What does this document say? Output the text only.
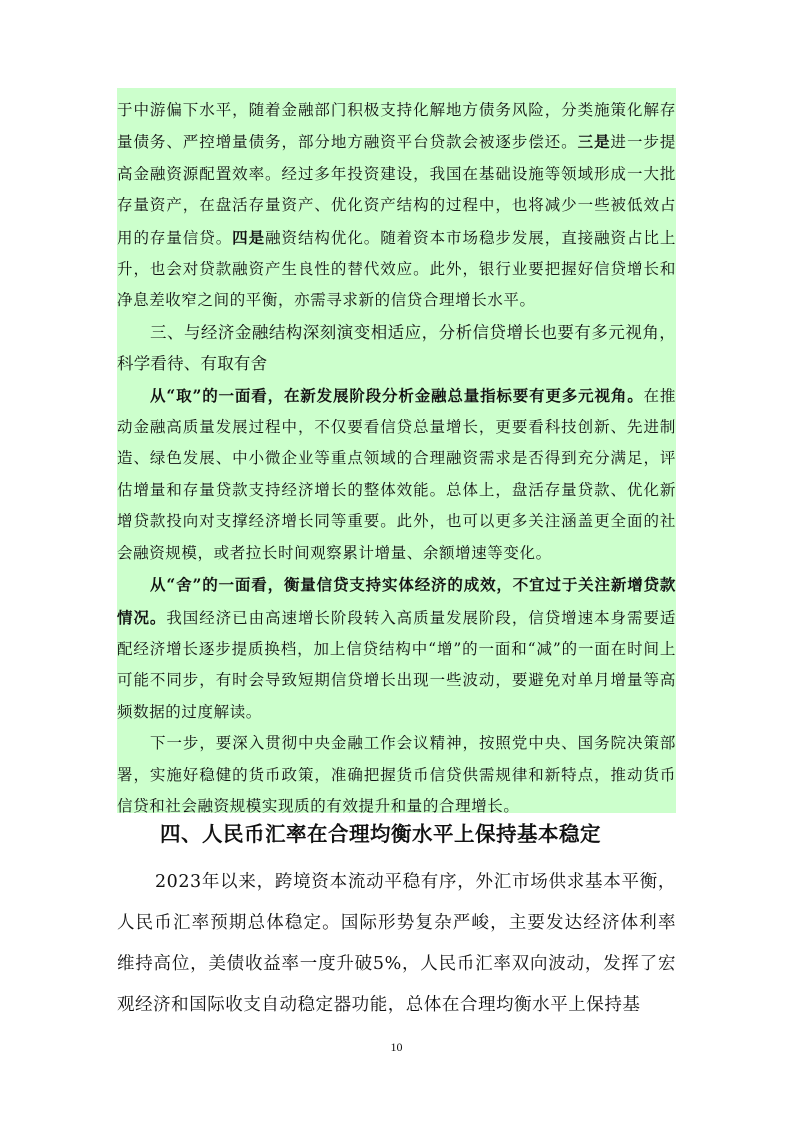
于中游偏下水平，随着金融部门积极支持化解地方债务风险，分类施策化解存量债务、严控增量债务，部分地方融资平台贷款会被逐步偿还。三是进一步提高金融资源配置效率。经过多年投资建设，我国在基础设施等领域形成一大批存量资产，在盘活存量资产、优化资产结构的过程中，也将减少一些被低效占用的存量信贷。四是融资结构优化。随着资本市场稳步发展，直接融资占比上升，也会对贷款融资产生良性的替代效应。此外，银行业要把握好信贷增长和净息差收窄之间的平衡，亦需寻求新的信贷合理增长水平。

三、与经济金融结构深刻演变相适应，分析信贷增长也要有多元视角，科学看待、有取有舍

从“取”的一面看，在新发展阶段分析金融总量指标要有更多元视角。在推动金融高质量发展过程中，不仅要看信贷总量增长，更要看科技创新、先进制造、绿色发展、中小微企业等重点领域的合理融资需求是否得到充分满足，评估增量和存量贷款支持经济增长的整体效能。总体上，盘活存量贷款、优化新增贷款投向对支撑经济增长同等重要。此外，也可以更多关注涵盖更全面的社会融资规模，或者拉长时间观察累计增量、余额增速等变化。

从“舍”的一面看，衡量信贷支持实体经济的成效，不宜过于关注新增贷款情况。我国经济已由高速增长阶段转入高质量发展阶段，信贷增速本身需要适配经济增长逐步提质换档，加上信贷结构中“增”的一面和“减”的一面在时间上可能不同步，有时会导致短期信贷增长出现一些波动，要避免对单月增量等高频数据的过度解读。

下一步，要深入贯彻中央金融工作会议精神，按照党中央、国务院决策部署，实施好稳健的货币政策，准确把握货币信贷供需规律和新特点，推动货币信贷和社会融资规模实现质的有效提升和量的合理增长。

四、人民币汇率在合理均衡水平上保持基本稳定

2023年以来，跨境资本流动平稳有序，外汇市场供求基本平衡，人民币汇率预期总体稳定。国际形势复杂严峻，主要发达经济体利率维持高位，美债收益率一度升破5%，人民币汇率双向波动，发挥了宏观经济和国际收支自动稳定器功能，总体在合理均衡水平上保持基

10
